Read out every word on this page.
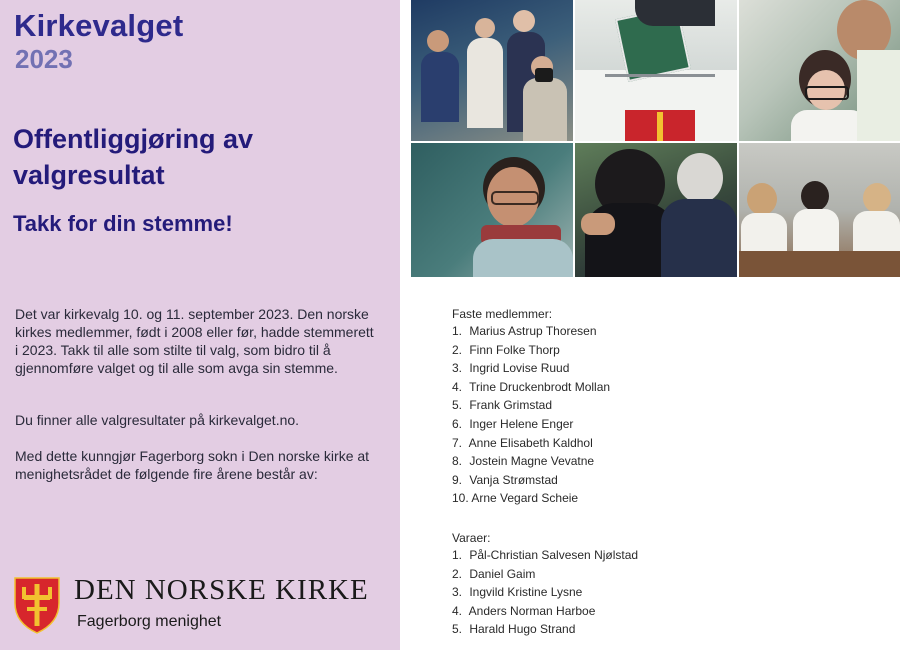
Kirkevalget
2023
Offentliggjøring av valgresultat
Takk for din stemme!

Det var kirkevalg 10. og 11. september 2023. Den norske kirkes medlemmer, født i 2008 eller før, hadde stemmerett i 2023. Takk til alle som stilte til valg, som bidro til å gjennomføre valget og til alle som avga sin stemme.

Du finner alle valgresultater på kirkevalget.no.

Med dette kunngjør Fagerborg sokn i Den norske kirke at menighetsrådet de følgende fire årene består av:

DEN NORSKE KIRKE
Fagerborg menighet
Faste medlemmer:
1. Marius Astrup Thoresen
2. Finn Folke Thorp
3. Ingrid Lovise Ruud
4. Trine Druckenbrodt Mollan
5. Frank Grimstad
6. Inger Helene Enger
7. Anne Elisabeth Kaldhol
8. Jostein Magne Vevatne
9. Vanja Strømstad
10. Arne Vegard Scheie
Varaer:
1. Pål-Christian Salvesen Njølstad
2. Daniel Gaim
3. Ingvild Kristine Lysne
4. Anders Norman Harboe
5. Harald Hugo Strand
